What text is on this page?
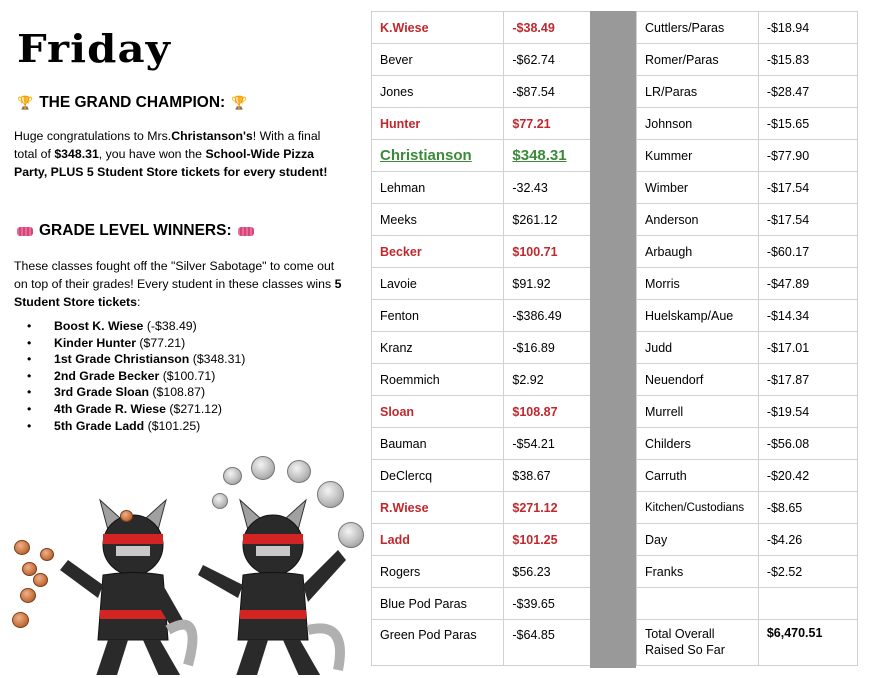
Friday
🏆 THE GRAND CHAMPION: 🏆
Huge congratulations to Mrs.Christanson's! With a final total of $348.31, you have won the School-Wide Pizza Party, PLUS 5 Student Store tickets for every student!
GRADE LEVEL WINNERS:
These classes fought off the "Silver Sabotage" to come out on top of their grades! Every student in these classes wins 5 Student Store tickets:
• Boost K. Wiese (-$38.49)
• Kinder Hunter ($77.21)
• 1st Grade Christianson ($348.31)
• 2nd Grade Becker ($100.71)
• 3rd Grade Sloan ($108.87)
• 4th Grade R. Wiese ($271.12)
• 5th Grade Ladd ($101.25)
K.Wiese	-$38.49
Bever	-$62.74
Jones	-$87.54
Hunter	$77.21
Christianson	$348.31
Lehman	-32.43
Meeks	$261.12
Becker	$100.71
Lavoie	$91.92
Fenton	-$386.49
Kranz	-$16.89
Roemmich	$2.92
Sloan	$108.87
Bauman	-$54.21
DeClercq	$38.67
R.Wiese	$271.12
Ladd	$101.25
Rogers	$56.23
Blue Pod Paras	-$39.65
Green Pod Paras	-$64.85
Cuttlers/Paras	-$18.94
Romer/Paras	-$15.83
LR/Paras	-$28.47
Johnson	-$15.65
Kummer	-$77.90
Wimber	-$17.54
Anderson	-$17.54
Arbaugh	-$60.17
Morris	-$47.89
Huelskamp/Aue	-$14.34
Judd	-$17.01
Neuendorf	-$17.87
Murrell	-$19.54
Childers	-$56.08
Carruth	-$20.42
Kitchen/Custodians	-$8.65
Day	-$4.26
Franks	-$2.52

Total Overall Raised So Far	$6,470.51
